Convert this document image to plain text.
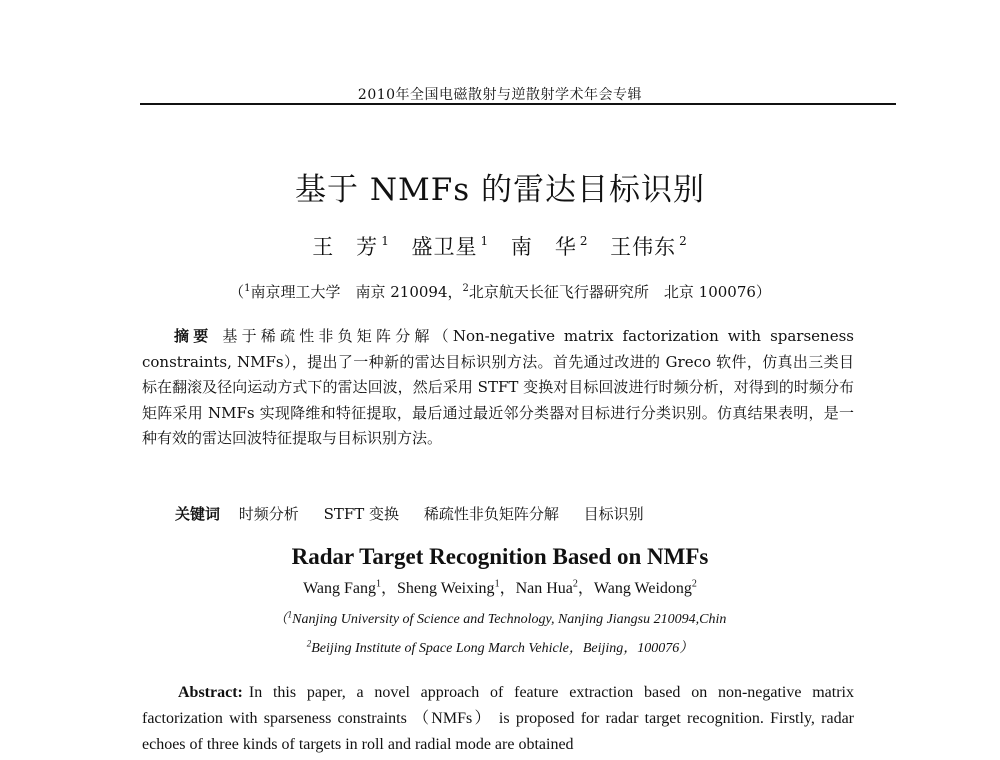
2010年全国电磁散射与逆散射学术年会专辑
基于 NMFs 的雷达目标识别
王　芳 $^1$ 盛卫星 $^1$ 南　华 $^2$ 王伟东 $^2$
（$^1$南京理工大学　南京 210094，$^2$北京航天长征飞行器研究所　北京 100076）
摘要 基于稀疏性非负矩阵分解（Non-negative matrix factorization with sparseness constraints, NMFs），提出了一种新的雷达目标识别方法。首先通过改进的 Greco 软件，仿真出三类目标在翻滚及径向运动方式下的雷达回波，然后采用 STFT 变换对目标回波进行时频分析，对得到的时频分布矩阵采用 NMFs 实现降维和特征提取，最后通过最近邻分类器对目标进行分类识别。仿真结果表明，是一种有效的雷达回波特征提取与目标识别方法。
关键词 时频分析 STFT 变换 稀疏性非负矩阵分解 目标识别
Radar Target Recognition Based on NMFs
Wang Fang$^1$，Sheng Weixing$^1$，Nan Hua$^2$，Wang Weidong$^2$
（$^1$Nanjing University of Science and Technology, Nanjing Jiangsu 210094,Chin
$^2$Beijing Institute of Space Long March Vehicle，Beijing，100076）
Abstract: In this paper, a novel approach of feature extraction based on non-negative matrix factorization with sparseness constraints （NMFs） is proposed for radar target recognition. Firstly, radar echoes of three kinds of targets in roll and radial mode are obtained
